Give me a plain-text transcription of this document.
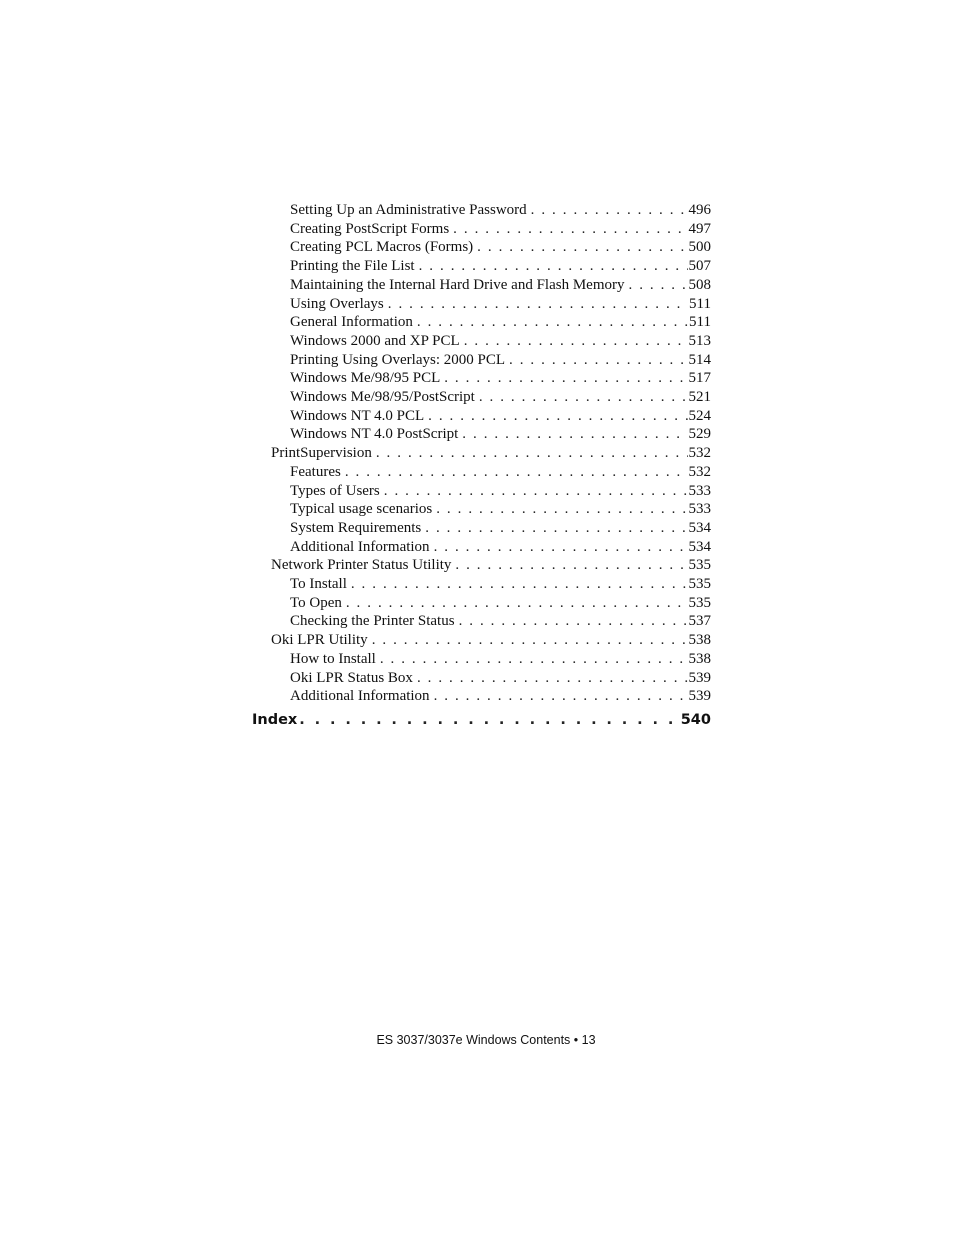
Setting Up an Administrative Password . . .	496
Creating PostScript Forms . . .	497
Creating PCL Macros (Forms) . . .	500
Printing the File List . . .	507
Maintaining the Internal Hard Drive and Flash Memory . . .	508
Using Overlays . . .	511
General Information . . .	511
Windows 2000 and XP PCL . . .	513
Printing Using Overlays: 2000 PCL . . .	514
Windows Me/98/95 PCL . . .	517
Windows Me/98/95/PostScript . . .	521
Windows NT 4.0 PCL . . .	524
Windows NT 4.0 PostScript . . .	529
PrintSupervision . . .	532
Features . . .	532
Types of Users . . .	533
Typical usage scenarios . . .	533
System Requirements . . .	534
Additional Information . . .	534
Network Printer Status Utility . . .	535
To Install . . .	535
To Open . . .	535
Checking the Printer Status . . .	537
Oki LPR Utility . . .	538
How to Install . . .	538
Oki LPR Status Box . . .	539
Additional Information . . .	539
Index . . .	540
ES 3037/3037e Windows Contents • 13
